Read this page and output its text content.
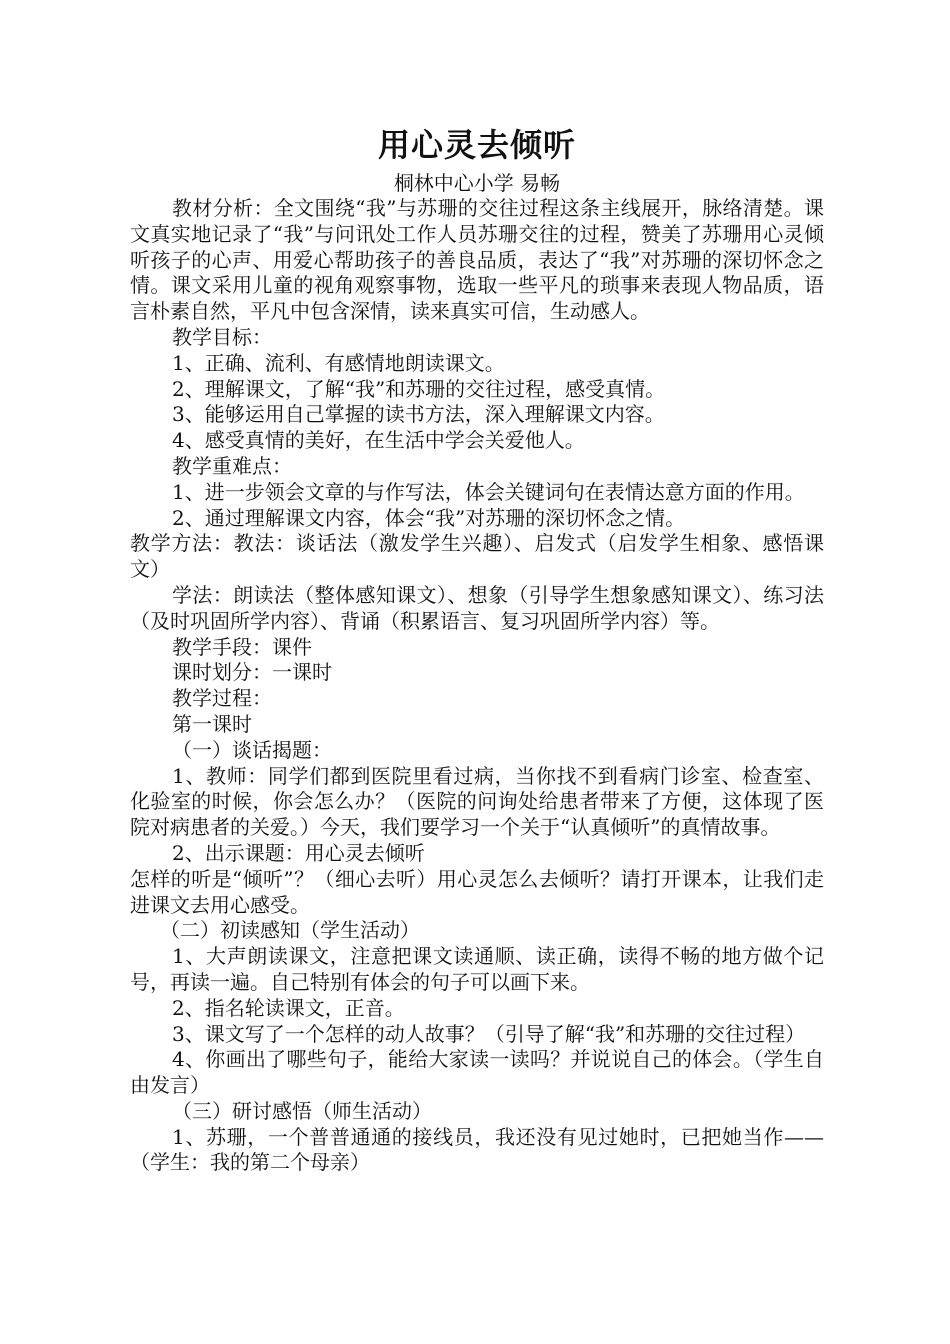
用心灵去倾听
桐林中心小学 易畅

教材分析：全文围绕“我”与苏珊的交往过程这条主线展开，脉络清楚。课文真实地记录了“我”与问讯处工作人员苏珊交往的过程，赞美了苏珊用心灵倾听孩子的心声、用爱心帮助孩子的善良品质，表达了“我”对苏珊的深切怀念之情。课文采用儿童的视角观察事物，选取一些平凡的琐事来表现人物品质，语言朴素自然，平凡中包含深情，读来真实可信，生动感人。

教学目标：

1、正确、流利、有感情地朗读课文。

2、理解课文，了解“我”和苏珊的交往过程，感受真情。

3、能够运用自己掌握的读书方法，深入理解课文内容。

4、感受真情的美好，在生活中学会关爱他人。

教学重难点：

1、进一步领会文章的与作写法，体会关键词句在表情达意方面的作用。

2、通过理解课文内容，体会“我”对苏珊的深切怀念之情。

教学方法：教法：谈话法（激发学生兴趣）、启发式（启发学生相象、感悟课文）

学法：朗读法（整体感知课文）、想象（引导学生想象感知课文）、练习法（及时巩固所学内容）、背诵（积累语言、复习巩固所学内容）等。

教学手段：课件

课时划分：一课时

教学过程：

第一课时

（一）谈话揭题：

1、教师：同学们都到医院里看过病，当你找不到看病门诊室、检查室、化验室的时候，你会怎么办？（医院的问询处给患者带来了方便，这体现了医院对病患者的关爱。）今天，我们要学习一个关于“认真倾听”的真情故事。

2、出示课题：用心灵去倾听

怎样的听是“倾听”？（细心去听）用心灵怎么去倾听？请打开课本，让我们走进课文去用心感受。

（二）初读感知（学生活动）

1、大声朗读课文，注意把课文读通顺、读正确，读得不畅的地方做个记号，再读一遍。自己特别有体会的句子可以画下来。

2、指名轮读课文，正音。

3、课文写了一个怎样的动人故事？（引导了解“我”和苏珊的交往过程）

4、你画出了哪些句子，能给大家读一读吗？并说说自己的体会。（学生自由发言）

（三）研讨感悟（师生活动）

1、苏珊，一个普普通通的接线员，我还没有见过她时，已把她当作——（学生：我的第二个母亲）
